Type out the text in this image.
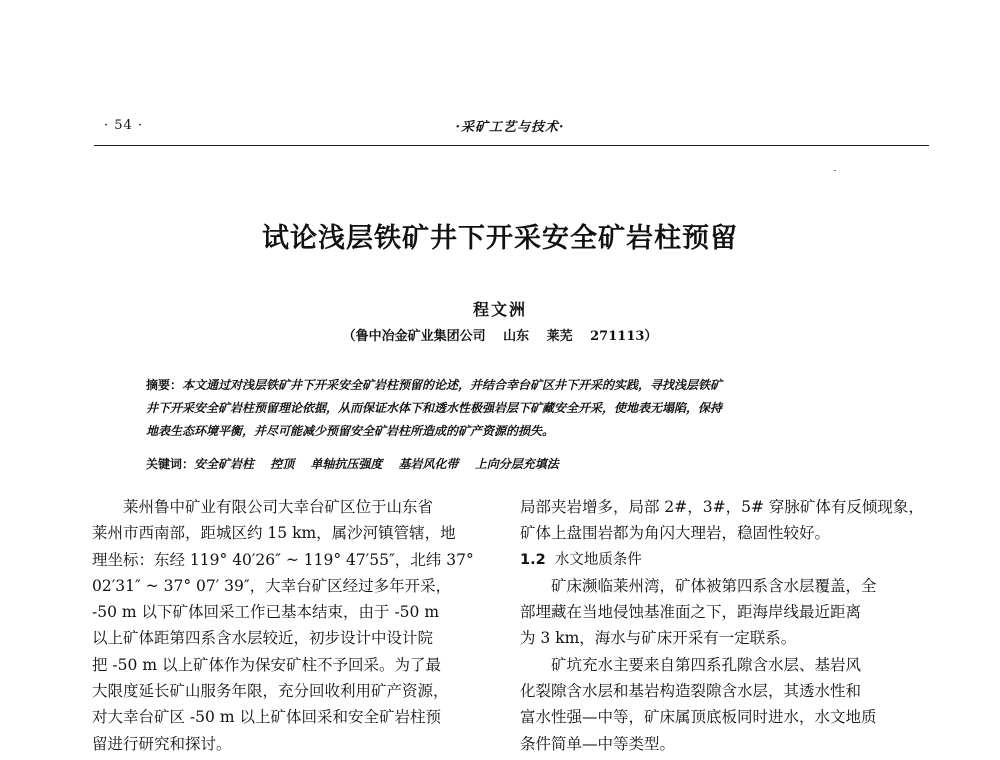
· 54 ·	·采矿工艺与技术·
试论浅层铁矿井下开采安全矿岩柱预留
程文洲
（鲁中冶金矿业集团公司　 山东　 莱芜　 271113）

摘要：本文通过对浅层铁矿井下开采安全矿岩柱预留的论述，并结合幸台矿区井下开采的实践，寻找浅层铁矿

井下开采安全矿岩柱预留理论依据，从而保证水体下和透水性极强岩层下矿藏安全开采，使地表无塌陷，保持

地表生态环境平衡，并尽可能减少预留安全矿岩柱所造成的矿产资源的损失。

关键词：安全矿岩柱　 控顶　 单轴抗压强度　 基岩风化带　 上向分层充填法

莱州鲁中矿业有限公司大幸台矿区位于山东省

莱州市西南部，距城区约 15 km，属沙河镇管辖，地

理坐标：东经 119° 40′26″ ~ 119° 47′55″，北纬 37°

02′31″ ~ 37° 07′ 39″，大幸台矿区经过多年开采，

-50 m 以下矿体回采工作已基本结束，由于 -50 m

以上矿体距第四系含水层较近，初步设计中设计院

把 -50 m 以上矿体作为保安矿柱不予回采。为了最

大限度延长矿山服务年限，充分回收利用矿产资源，

对大幸台矿区 -50 m 以上矿体回采和安全矿岩柱预

留进行研究和探讨。

局部夹岩增多，局部 2#，3#，5# 穿脉矿体有反倾现象，

矿体上盘围岩都为角闪大理岩，稳固性较好。

1.2 水文地质条件

矿床濒临莱州湾，矿体被第四系含水层覆盖，全

部埋藏在当地侵蚀基准面之下，距海岸线最近距离

为 3 km，海水与矿床开采有一定联系。

矿坑充水主要来自第四系孔隙含水层、基岩风

化裂隙含水层和基岩构造裂隙含水层，其透水性和

富水性强—中等，矿床属顶底板同时进水，水文地质

条件简单—中等类型。
